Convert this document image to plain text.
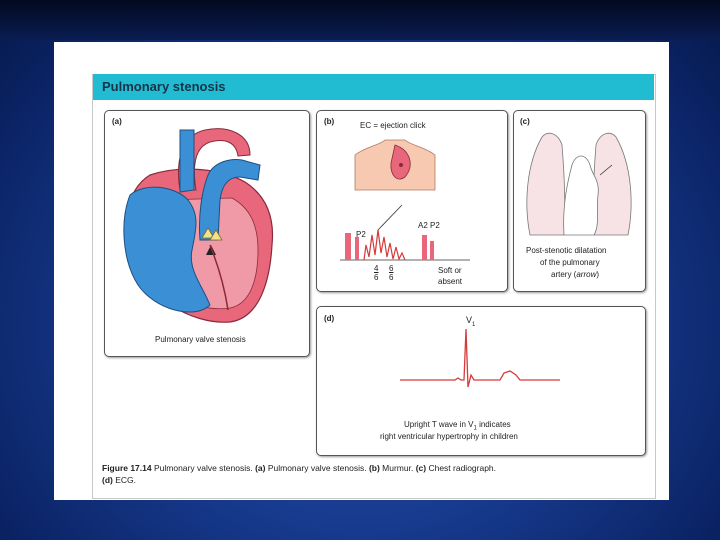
Pulmonary stenosis
(a)
Pulmonary valve stenosis
(b)	EC = ejection click
P2
A2 P2
4
6
6
6
Soft or
absent
(c)
Post-stenotic dilatation
of the pulmonary
artery (arrow)
(d)	$V_1$
Upright T wave in $V_1$ indicates
right ventricular hypertrophy in children
Figure 17.14 Pulmonary valve stenosis. (a) Pulmonary valve stenosis. (b) Murmur. (c) Chest radiograph.
(d) ECG.
